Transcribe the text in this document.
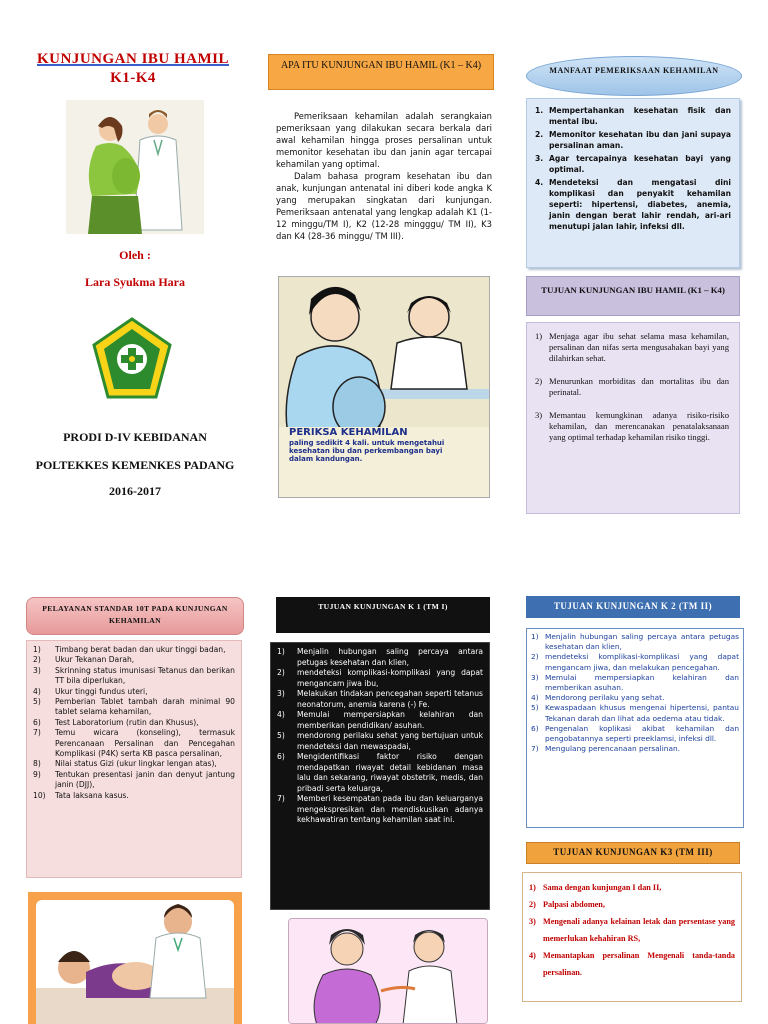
KUNJUNGAN IBU HAMIL
K1-K4
Oleh :
Lara Syukma Hara
PRODI D-IV KEBIDANAN
POLTEKKES KEMENKES PADANG
2016-2017
APA ITU KUNJUNGAN IBU HAMIL (K1 – K4)

Pemeriksaan kehamilan adalah serangkaian pemeriksaan yang dilakukan secara berkala dari awal kehamilan hingga proses persalinan untuk memonitor kesehatan ibu dan janin agar tercapai kehamilan yang optimal.

Dalam bahasa program kesehatan ibu dan anak, kunjungan antenatal ini diberi kode angka K yang merupakan singkatan dari kunjungan. Pemeriksaan antenatal yang lengkap adalah K1 (1-12 minggu/TM I), K2 (12-28 mingggu/ TM II), K3 dan K4 (28-36 minggu/ TM III).

PERIKSA KEHAMILAN
paling sedikit 4 kali. untuk mengetahui kesehatan ibu dan perkembangan bayi dalam kandungan.
MANFAAT PEMERIKSAAN KEHAMILAN
1. Mempertahankan kesehatan fisik dan mental ibu.
2. Memonitor kesehatan ibu dan jani supaya persalinan aman.
3. Agar tercapainya kesehatan bayi yang optimal.
4. Mendeteksi dan mengatasi dini komplikasi dan penyakit kehamilan seperti: hipertensi, diabetes, anemia, janin dengan berat lahir rendah, ari-ari menutupi jalan lahir, infeksi dll.
TUJUAN KUNJUNGAN IBU HAMIL (K1 – K4)
1) Menjaga agar ibu sehat selama masa kehamilan, persalinan dan nifas serta mengusahakan bayi yang dilahirkan sehat.
2) Menurunkan morbiditas dan mortalitas ibu dan perinatal.
3) Memantau kemungkinan adanya risiko-risiko kehamilan, dan merencanakan penatalaksanaan yang optimal terhadap kehamilan risiko tinggi.
PELAYANAN STANDAR 10T PADA KUNJUNGAN KEHAMILAN
1)	Timbang berat badan dan ukur tinggi badan,
2)	Ukur Tekanan Darah,
3)	Skrinning status imunisasi Tetanus dan berikan TT bila diperlukan,
4)	Ukur tinggi fundus uteri,
5)	Pemberian Tablet tambah darah minimal 90 tablet selama kehamilan,
6)	Test Laboratorium (rutin dan Khusus),
7)	Temu wicara (konseling), termasuk Perencanaan Persalinan dan Pencegahan Komplikasi (P4K) serta KB pasca persalinan,
8)	Nilai status Gizi (ukur lingkar lengan atas),
9)	Tentukan presentasi janin dan denyut jantung janin (DJJ),
10)	Tata laksana kasus.
TUJUAN KUNJUNGAN K 1 (TM I)
1)	Menjalin hubungan saling percaya antara petugas kesehatan dan klien,
2)	mendeteksi komplikasi-komplikasi yang dapat mengancam jiwa ibu,
3)	Melakukan tindakan pencegahan seperti tetanus neonatorum, anemia karena (-) Fe.
4)	Memulai mempersiapkan kelahiran dan memberikan pendidikan/ asuhan.
5)	mendorong perilaku sehat yang bertujuan untuk mendeteksi dan mewaspadai,
6)	Mengidentifikasi faktor risiko dengan mendapatkan riwayat detail kebidanan masa lalu dan sekarang, riwayat obstetrik, medis, dan pribadi serta keluarga,
7)	Memberi kesempatan pada ibu dan keluarganya mengekspresikan dan mendiskusikan adanya kekhawatiran tentang kehamilan saat ini.
TUJUAN KUNJUNGAN K 2 (TM II)
1) Menjalin hubungan saling percaya antara petugas kesehatan dan klien,
2) mendeteksi komplikasi-komplikasi yang dapat mengancam jiwa, dan melakukan pencegahan.
3) Memulai mempersiapkan kelahiran dan memberikan asuhan.
4) Mendorong perilaku yang sehat.
5) Kewaspadaan khusus mengenai hipertensi, pantau Tekanan darah dan lihat ada oedema atau tidak.
6) Pengenalan koplikasi akibat kehamilan dan pengobatannya seperti preeklamsi, infeksi dll.
7) Mengulang perencanaan persalinan.
TUJUAN KUNJUNGAN K3 (TM III)
1) Sama dengan kunjungan I dan II,
2) Palpasi abdomen,
3) Mengenali adanya kelainan letak dan persentase yang memerlukan kehahiran RS,
4) Memantapkan persalinan Mengenali tanda-tanda persalinan.
